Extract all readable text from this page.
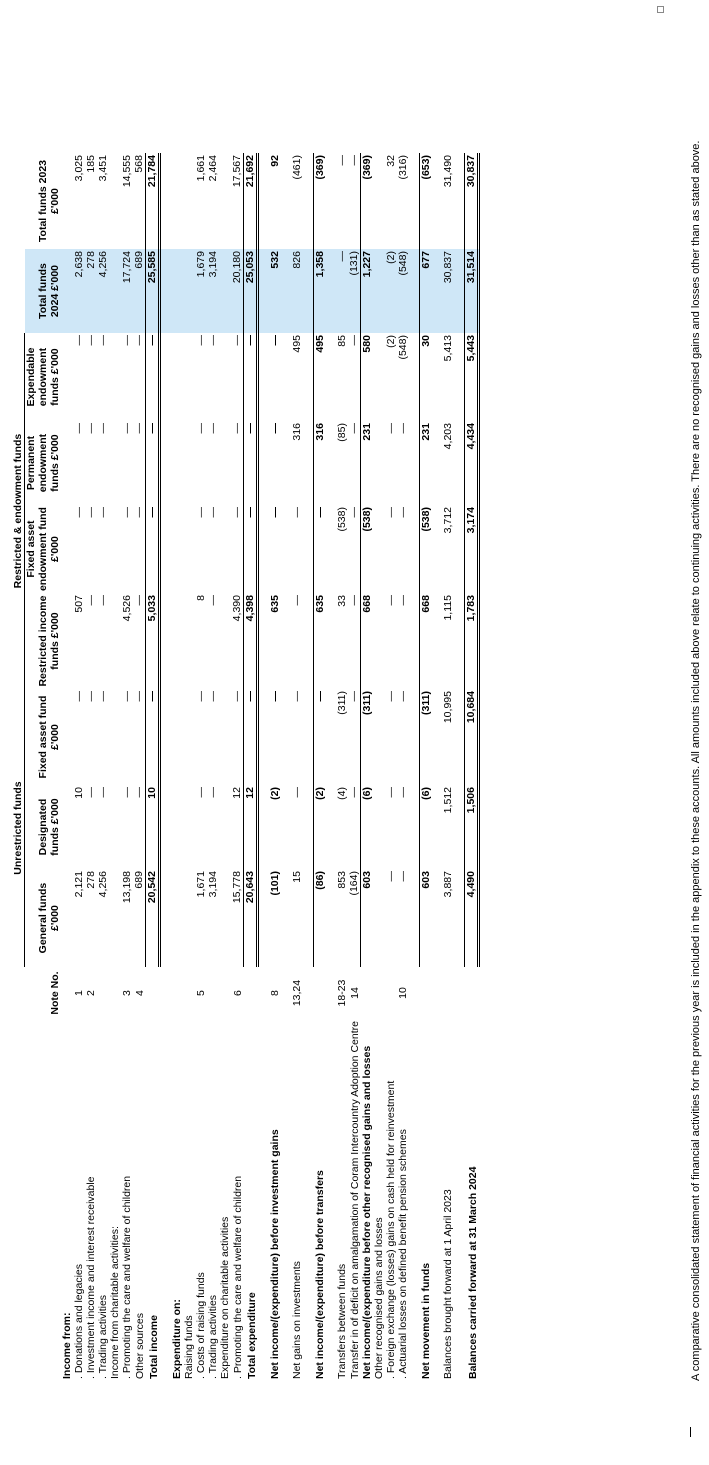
		Unrestricted funds			Restricted & endowment funds					
	Note No.	General funds £'000	Designated funds £'000	Fixed asset fund £'000	Restricted income funds £'000	Fixed asset endowment fund £'000	Permanent endowment funds £'000	Expendable endowment funds £'000	Total funds 2024 £'000	Total funds 2023 £'000
Income from:										
. Donations and legacies	1	2,121	10	—	507	—	—	—	2,638	3,025
. Investment income and interest receivable	2	278	—	—	—	—	—	—	278	185
. Trading activities		4,256	—	—	—	—	—	—	4,256	3,451
Income from charitable activities:										
. Promoting the care and welfare of children	3	13,198	—	—	4,526	—	—	—	17,724	14,555
Other sources	4	689	—	—	—	—	—	—	689	568
Total income		20,542	10	—	5,033	—	—	—	25,585	21,784

Expenditure on:										
Raising funds										
. Costs of raising funds	5	1,671	—	—	8	—	—	—	1,679	1,661
. Trading activities		3,194	—	—	—	—	—	—	3,194	2,464
Expenditure on charitable activities										
. Promoting the care and welfare of children	6	15,778	12	—	4,390	—	—	—	20,180	17,567
Total expenditure		20,643	12	—	4,398	—	—	—	25,053	21,692

Net income/(expenditure) before investment gains	8	(101)	(2)	—	635	—	—	—	532	92

Net gains on investments	13,24	15	—	—	—	—	316	495	826	(461)

Net income/(expenditure) before transfers		(86)	(2)	—	635	—	316	495	1,358	(369)

Transfers between funds	18-23	853	(4)	(311)	33	(538)	(85)	85	—	—
Transfer in of deficit on amalgamation of Coram Intercountry Adoption Centre	14	(164)	—	—	—	—	—	—	(131)	—
Net income/(expenditure before other recognised gains and losses		603	(6)	(311)	668	(538)	231	580	1,227	(369)
Other recognised gains and losses										
. Foreign exchange (losses) gains on cash held for reinvestment		—	—	—	—	—	—	(2)	(2)	32
. Actuarial losses on defined benefit pension schemes	10	—	—	—	—	—	—	(548)	(548)	(316)

Net movement in funds		603	(6)	(311)	668	(538)	231	30	677	(653)

Balances brought forward at 1 April 2023		3,887	1,512	10,995	1,115	3,712	4,203	5,413	30,837	31,490

Balances carried forward at 31 March 2024		4,490	1,506	10,684	1,783	3,174	4,434	5,443	31,514	30,837	A comparative consolidated statement of financial activities for the previous year is included in the appendix to these accounts. All amounts included above relate to continuing activities. There are no recognised gains and losses other than as stated above.
